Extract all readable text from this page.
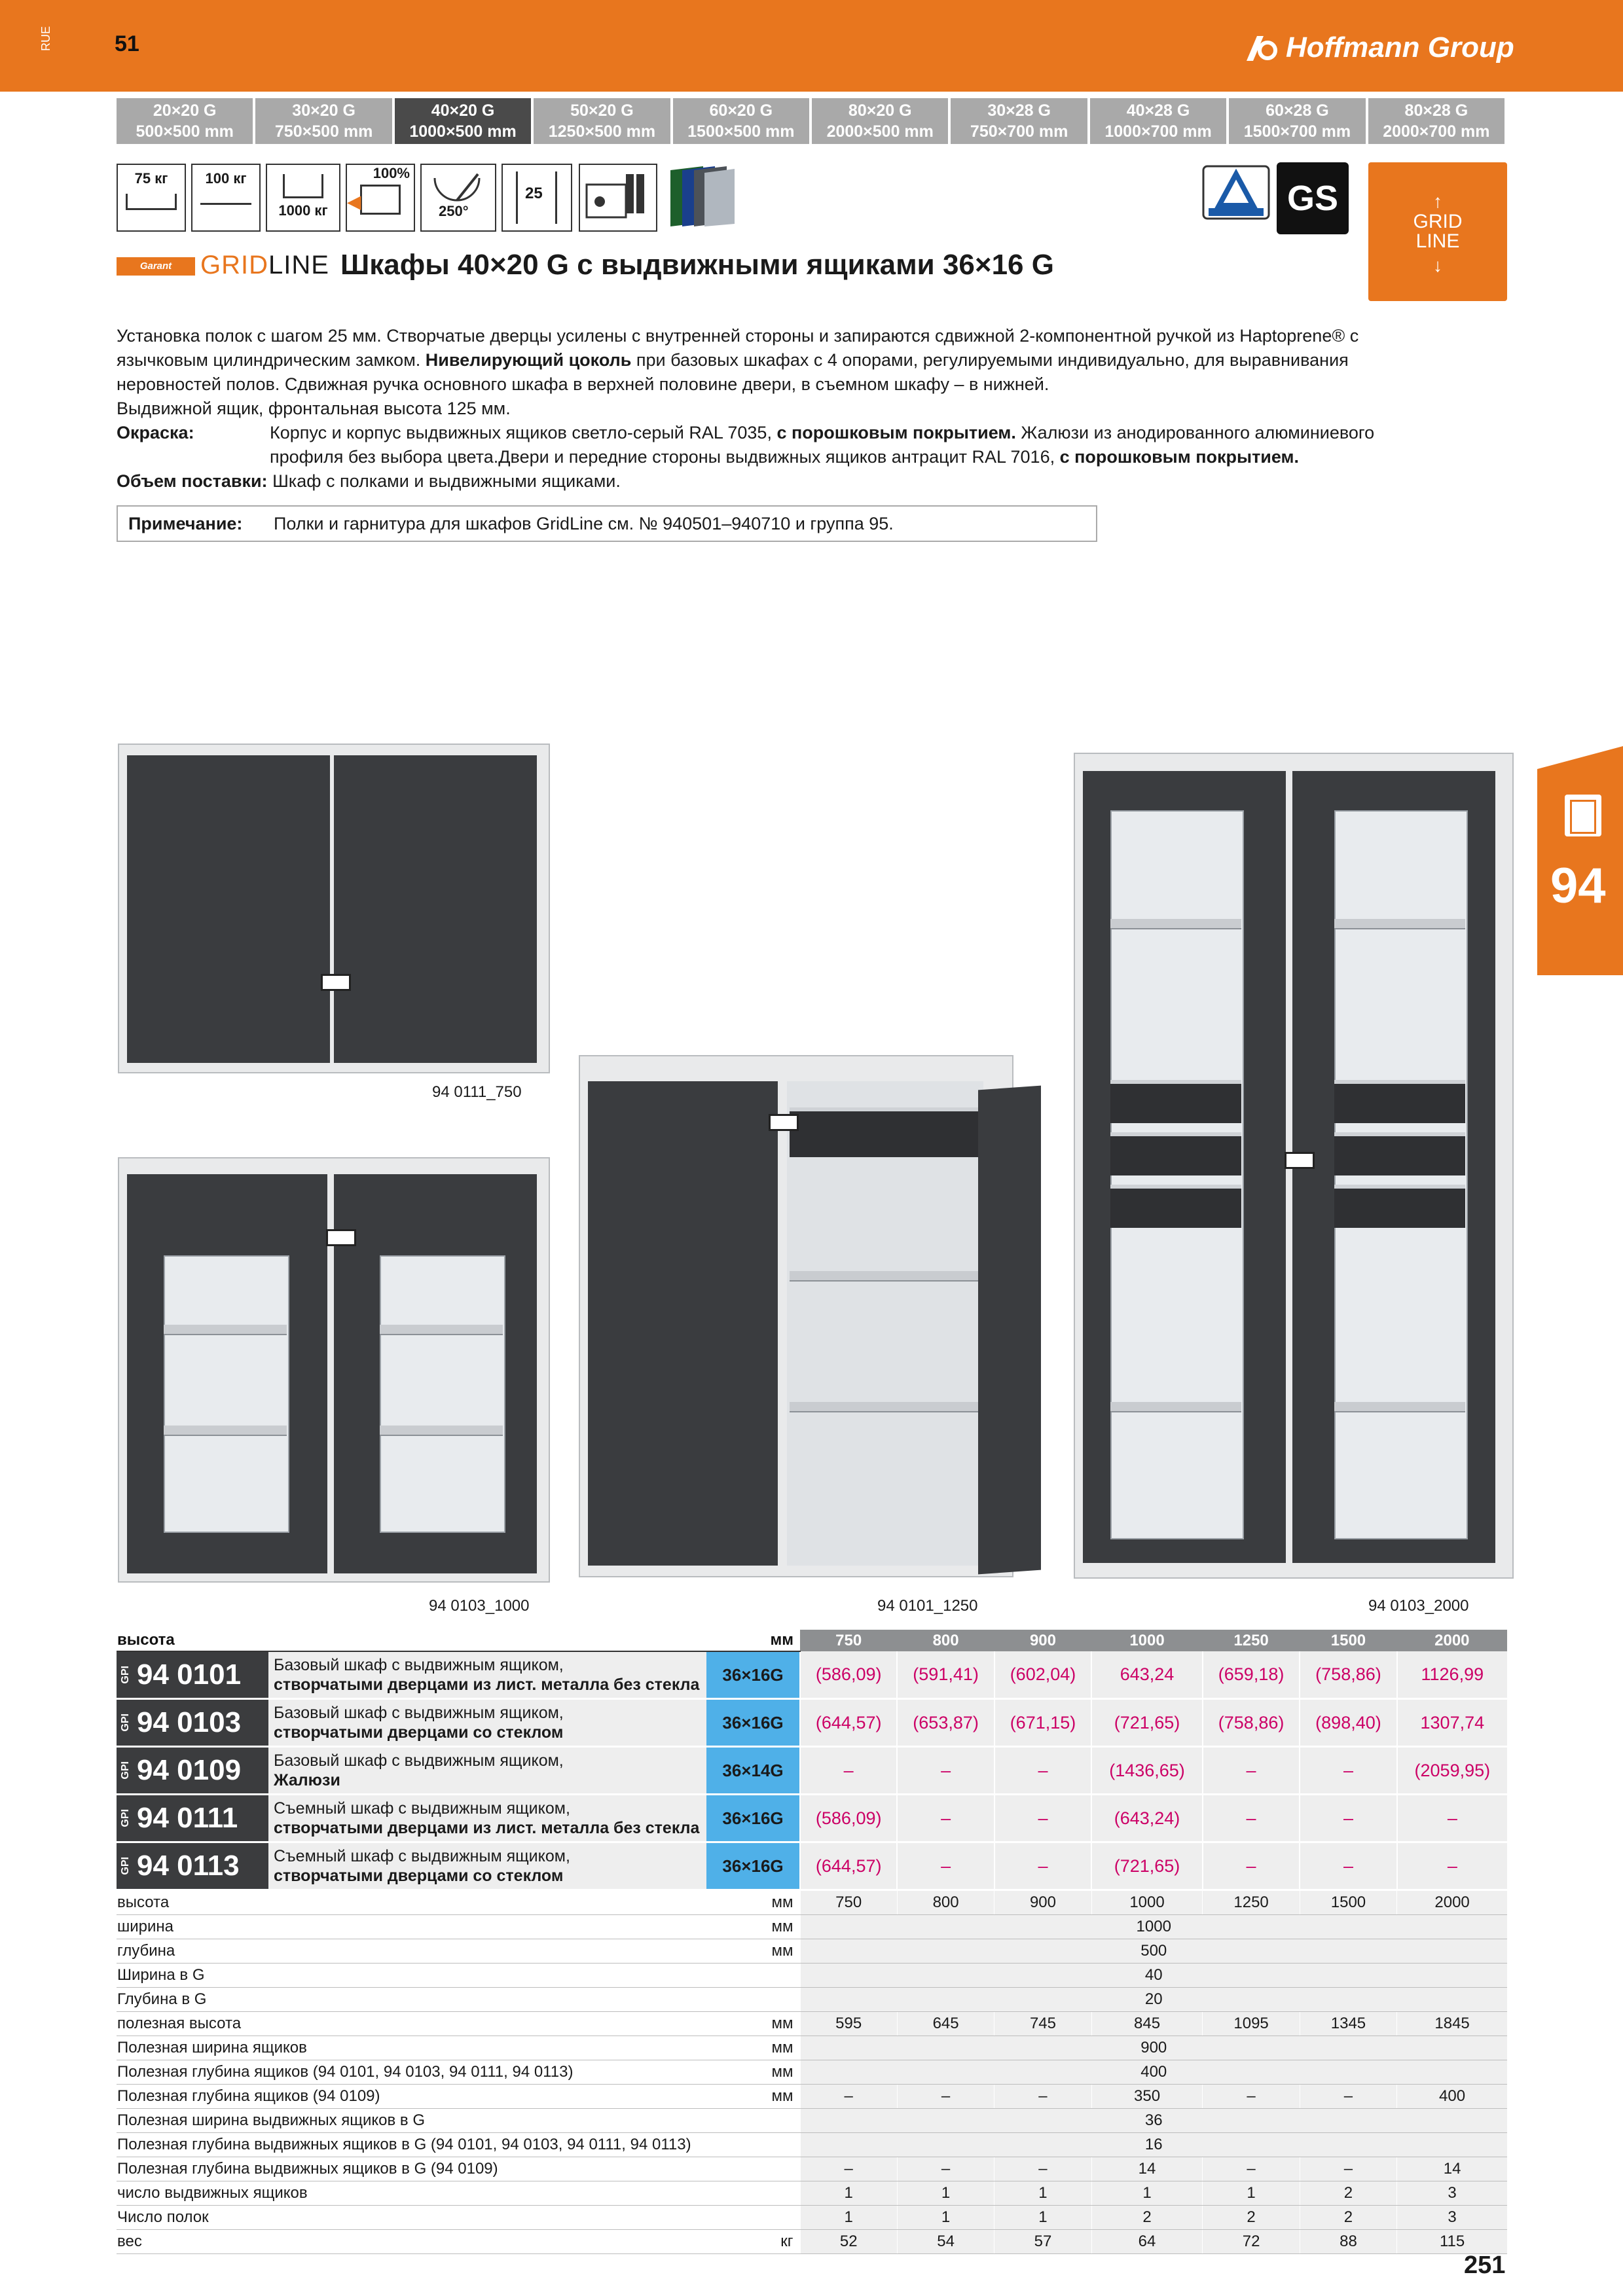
RUE	51	Hoffmann Group
20×20 G
500×500 mm
30×20 G
750×500 mm
40×20 G
1000×500 mm
50×20 G
1250×500 mm
60×20 G
1500×500 mm
80×20 G
2000×500 mm
30×28 G
750×700 mm
40×28 G
1000×700 mm
60×28 G
1500×700 mm
80×28 G
2000×700 mm
75 кг	100 кг
1000 кг
100%
◀	250°
25	GS	↑
GRID
LINE
↓
Garant	GRIDLINE Шкафы 40×20 G с выдвижными ящиками 36×16 G
Установка полок с шагом 25 мм. Створчатые дверцы усилены с внутренней стороны и запираются сдвижной 2-компонентной ручкой из Haptoprene® с
язычковым цилиндрическим замком. Нивелирующий цоколь при базовых шкафах с 4 опорами, регулируемыми индивидуально, для выравнивания
неровностей полов. Сдвижная ручка основного шкафа в верхней половине двери, в съемном шкафу – в нижней.
Выдвижной ящик, фронтальная высота 125 мм.
Окраска:	Корпус и корпус выдвижных ящиков светло-серый RAL 7035, с порошковым покрытием. Жалюзи из анодированного алюминиевого
профиля без выбора цвета.Двери и передние стороны выдвижных ящиков антрацит RAL 7016, с порошковым покрытием.
Объем поставки: Шкаф с полками и выдвижными ящиками.
Примечание: Полки и гарнитура для шкафов GridLine см. № 940501–940710 и группа 95.
94 0111_750
94 0103_1000	94 0101_1250	94 0103_2000
94
высота		мм	750	800	900	1000	1250	1500	2000
GPI 94 0101	Базовый шкаф с выдвижным ящиком,
створчатыми дверцами из лист. металла без стекла	36×16G	(586,09)	(591,41)	(602,04)	643,24	(659,18)	(758,86)	1126,99
GPI 94 0103	Базовый шкаф с выдвижным ящиком,
створчатыми дверцами со стеклом	36×16G	(644,57)	(653,87)	(671,15)	(721,65)	(758,86)	(898,40)	1307,74
GPI 94 0109	Базовый шкаф с выдвижным ящиком,
Жалюзи	36×14G	–	–	–	(1436,65)	–	–	(2059,95)
GPI 94 0111	Съемный шкаф с выдвижным ящиком,
створчатыми дверцами из лист. металла без стекла	36×16G	(586,09)	–	–	(643,24)	–	–	–
GPI 94 0113	Съемный шкаф с выдвижным ящиком,
створчатыми дверцами со стеклом	36×16G	(644,57)	–	–	(721,65)	–	–	–
высота		мм	750	800	900	1000	1250	1500	2000
ширина		мм	1000						
глубина		мм	500						
Ширина в G			40						
Глубина в G			20						
полезная высота		мм	595	645	745	845	1095	1345	1845
Полезная ширина ящиков		мм	900						
Полезная глубина ящиков (94 0101, 94 0103, 94 0111, 94 0113)		мм	400						
Полезная глубина ящиков (94 0109)		мм	–	–	–	350	–	–	400
Полезная ширина выдвижных ящиков в G			36						
Полезная глубина выдвижных ящиков в G (94 0101, 94 0103, 94 0111, 94 0113)			16						
Полезная глубина выдвижных ящиков в G (94 0109)			–	–	–	14	–	–	14
число выдвижных ящиков			1	1	1	1	1	2	3
Число полок			1	1	1	2	2	2	3
вес		кг	52	54	57	64	72	88	115
251
